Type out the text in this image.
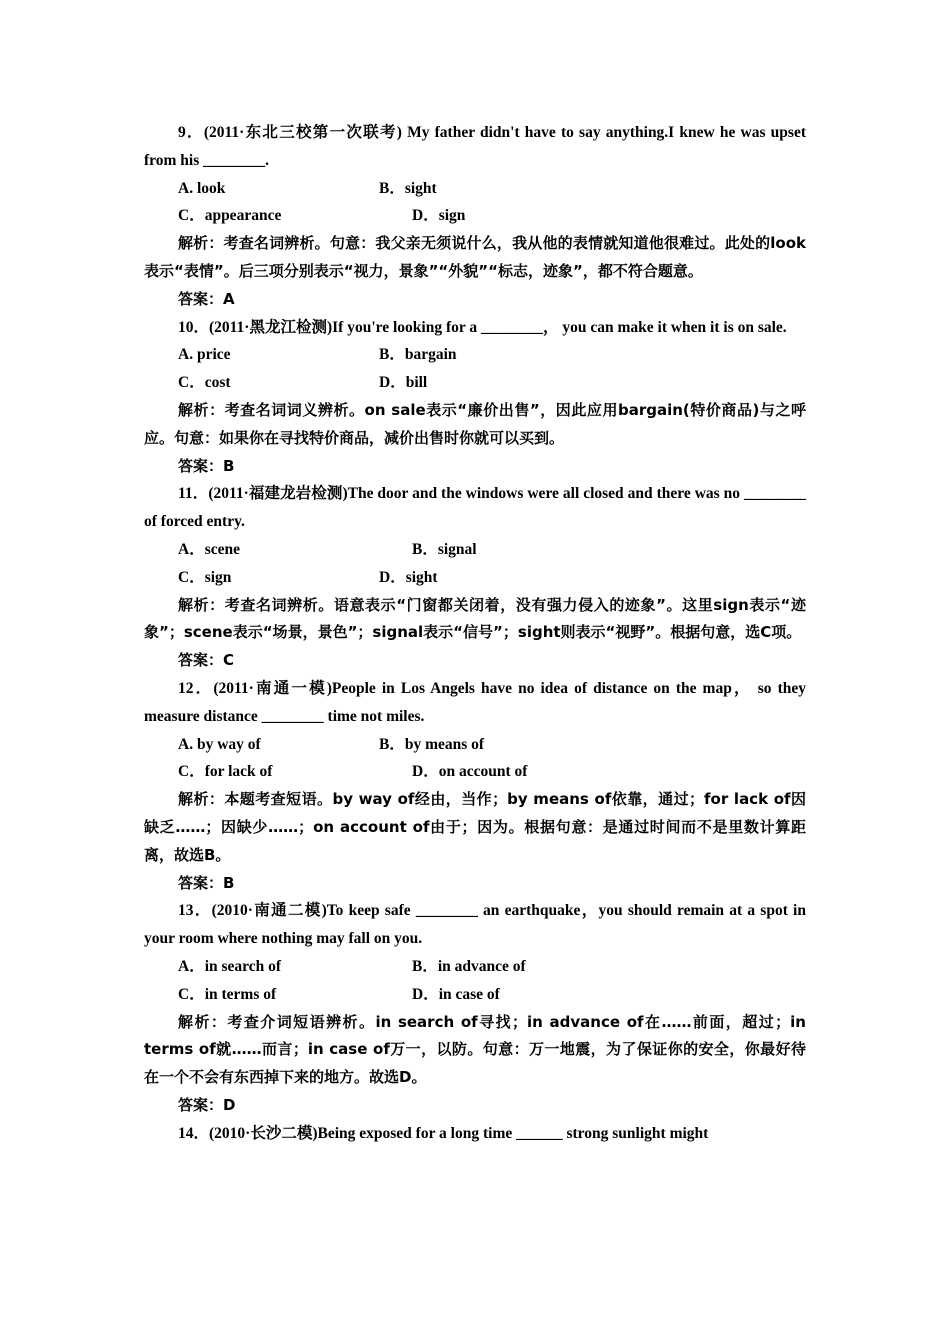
9．(2011·东北三校第一次联考) My father didn't have to say anything.I knew he was upset from his ________.

A. look	B．sight
C．appearance	D．sign

解析：考查名词辨析。句意：我父亲无须说什么，我从他的表情就知道他很难过。此处的look表示“表情”。后三项分别表示“视力，景象”“外貌”“标志，迹象”，都不符合题意。

答案：A

10．(2011·黑龙江检测)If you're looking for a ________， you can make it when it is on sale.

A. price	B．bargain
C．cost	D．bill

解析：考查名词词义辨析。on sale表示“廉价出售”，因此应用bargain(特价商品)与之呼应。句意：如果你在寻找特价商品，减价出售时你就可以买到。

答案：B

11．(2011·福建龙岩检测)The door and the windows were all closed and there was no ________ of forced entry.

A．scene	B．signal
C．sign	D．sight

解析：考查名词辨析。语意表示“门窗都关闭着，没有强力侵入的迹象”。这里sign表示“迹象”；scene表示“场景，景色”；signal表示“信号”；sight则表示“视野”。根据句意，选C项。

答案：C

12．(2011·南通一模)People in Los Angels have no idea of distance on the map， so they measure distance ________ time not miles.

A. by way of	B．by means of
C．for lack of	D．on account of

解析：本题考查短语。by way of经由，当作；by means of依靠，通过；for lack of因缺乏……；因缺少……；on account of由于；因为。根据句意：是通过时间而不是里数计算距离，故选B。

答案：B

13．(2010·南通二模)To keep safe ________ an earthquake，you should remain at a spot in your room where nothing may fall on you.

A．in search of	B．in advance of
C．in terms of	D．in case of

解析：考查介词短语辨析。in search of寻找；in advance of在……前面，超过；in terms of就……而言；in case of万一，以防。句意：万一地震，为了保证你的安全，你最好待在一个不会有东西掉下来的地方。故选D。

答案：D

14．(2010·长沙二模)Being exposed for a long time ______ strong sunlight might
